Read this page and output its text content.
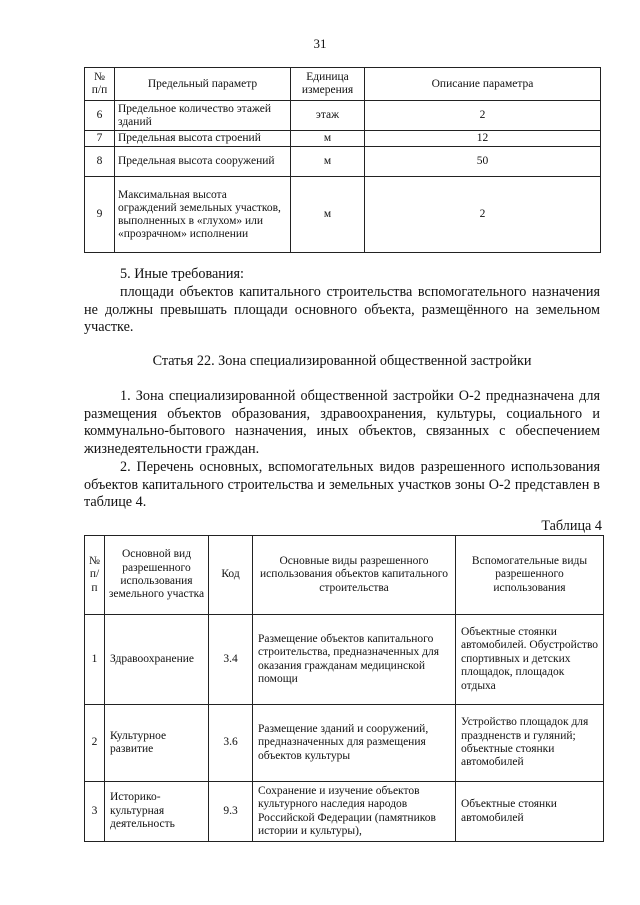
31
№ п/п	Предельный параметр	Единица измерения	Описание параметра
6	Предельное количество этажей зданий	этаж	2
7	Предельная высота строений	м	12
8	Предельная высота сооружений	м	50
9	Максимальная высота ограждений земельных участков, выполненных в «глухом» или «прозрачном» исполнении	м	2

5. Иные требования:

площади объектов капитального строительства вспомогательного назначения не должны превышать площади основного объекта, размещённого на земельном участке.

Статья 22. Зона специализированной общественной застройки

1. Зона специализированной общественной застройки О-2 предназначена для размещения объектов образования, здравоохранения, культуры, социального и коммунально-бытового назначения, иных объектов, связанных с обеспечением жизнедеятельности граждан.

2. Перечень основных, вспомогательных видов разрешенного использования объектов капитального строительства и земельных участков зоны О-2 представлен в таблице 4.

Таблица 4

№ п/п	Основной вид разрешенного использования земельного участка	Код	Основные виды разрешенного использования объектов капитального строительства	Вспомогательные виды разрешенного использования
1	Здравоохранение	3.4	Размещение объектов капитального строительства, предназначенных для оказания гражданам медицинской помощи	Объектные стоянки автомобилей. Обустройство спортивных и детских площадок, площадок отдыха
2	Культурное развитие	3.6	Размещение зданий и сооружений, предназначенных для размещения объектов культуры	Устройство площадок для праздненств и гуляний; объектные стоянки автомобилей
3	Историко-культурная деятельность	9.3	Сохранение и изучение объектов культурного наследия народов Российской Федерации (памятников истории и культуры),	Объектные стоянки автомобилей
